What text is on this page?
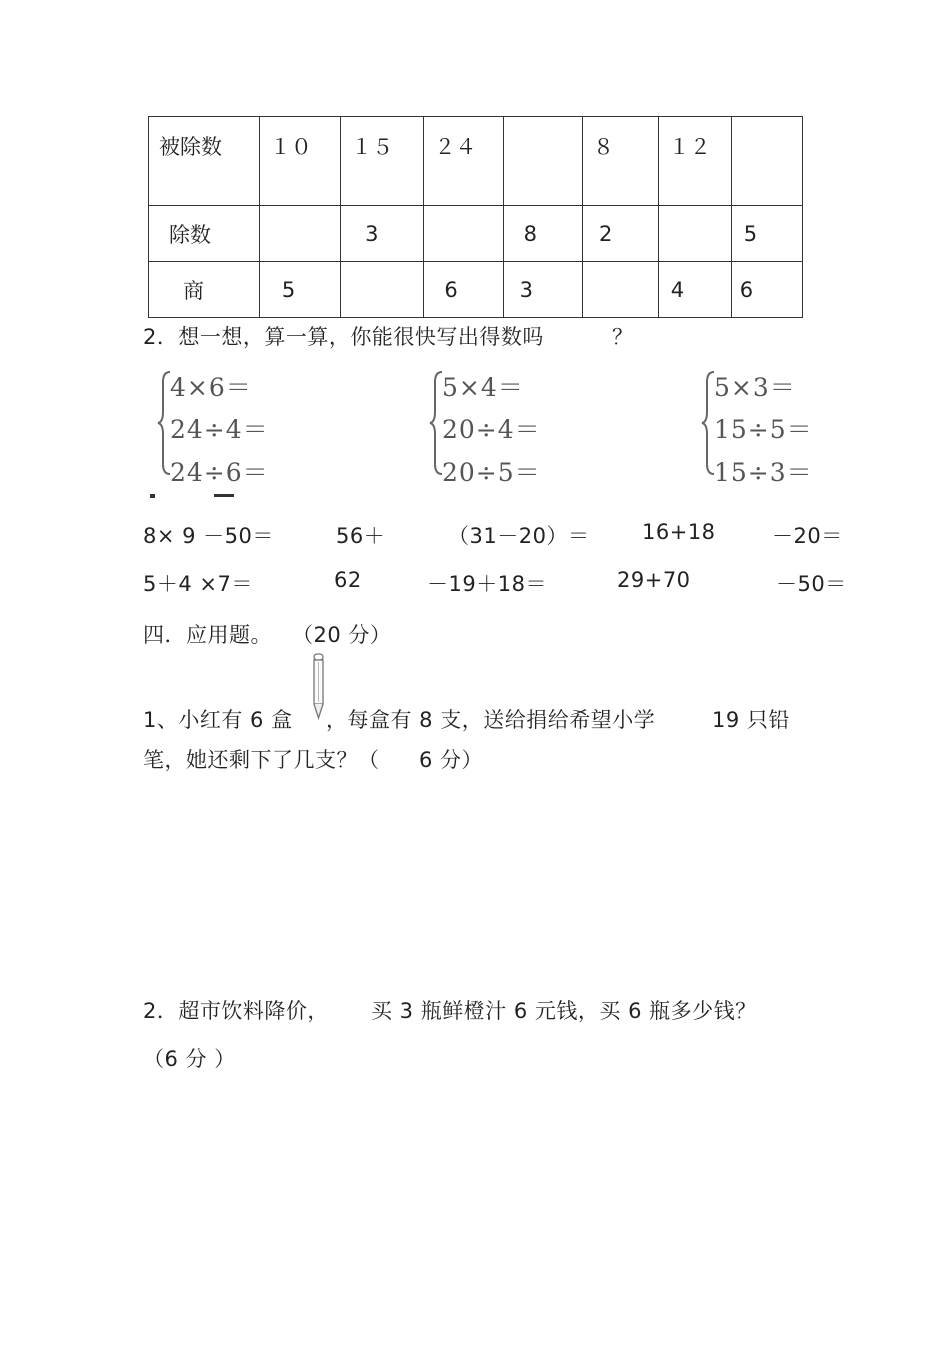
被除数	１０	１５	２４		８	１２	
除数		3		8	2		5
商	5		6	3		4	6
2．想一想，算一算，你能很快写出得数吗	？
4×6＝
24÷4＝
24÷6＝
5×4＝
20÷4＝
20÷5＝
5×3＝
15÷5＝
15÷3＝
8× 9 －50＝	56＋	（31－20）＝	16+18	－20＝
5＋4 ×7＝	62	－19＋18＝	29+70	－50＝
四．应用题。 （20 分）
1、小红有 6 盒 ，每盒有 8 支，送给捐给希望小学	19 只铅
笔，她还剩下了几支？（ 6 分）
2．超市饮料降价， 买 3 瓶鲜橙汁 6 元钱，买 6 瓶多少钱？
（6 分 ）
